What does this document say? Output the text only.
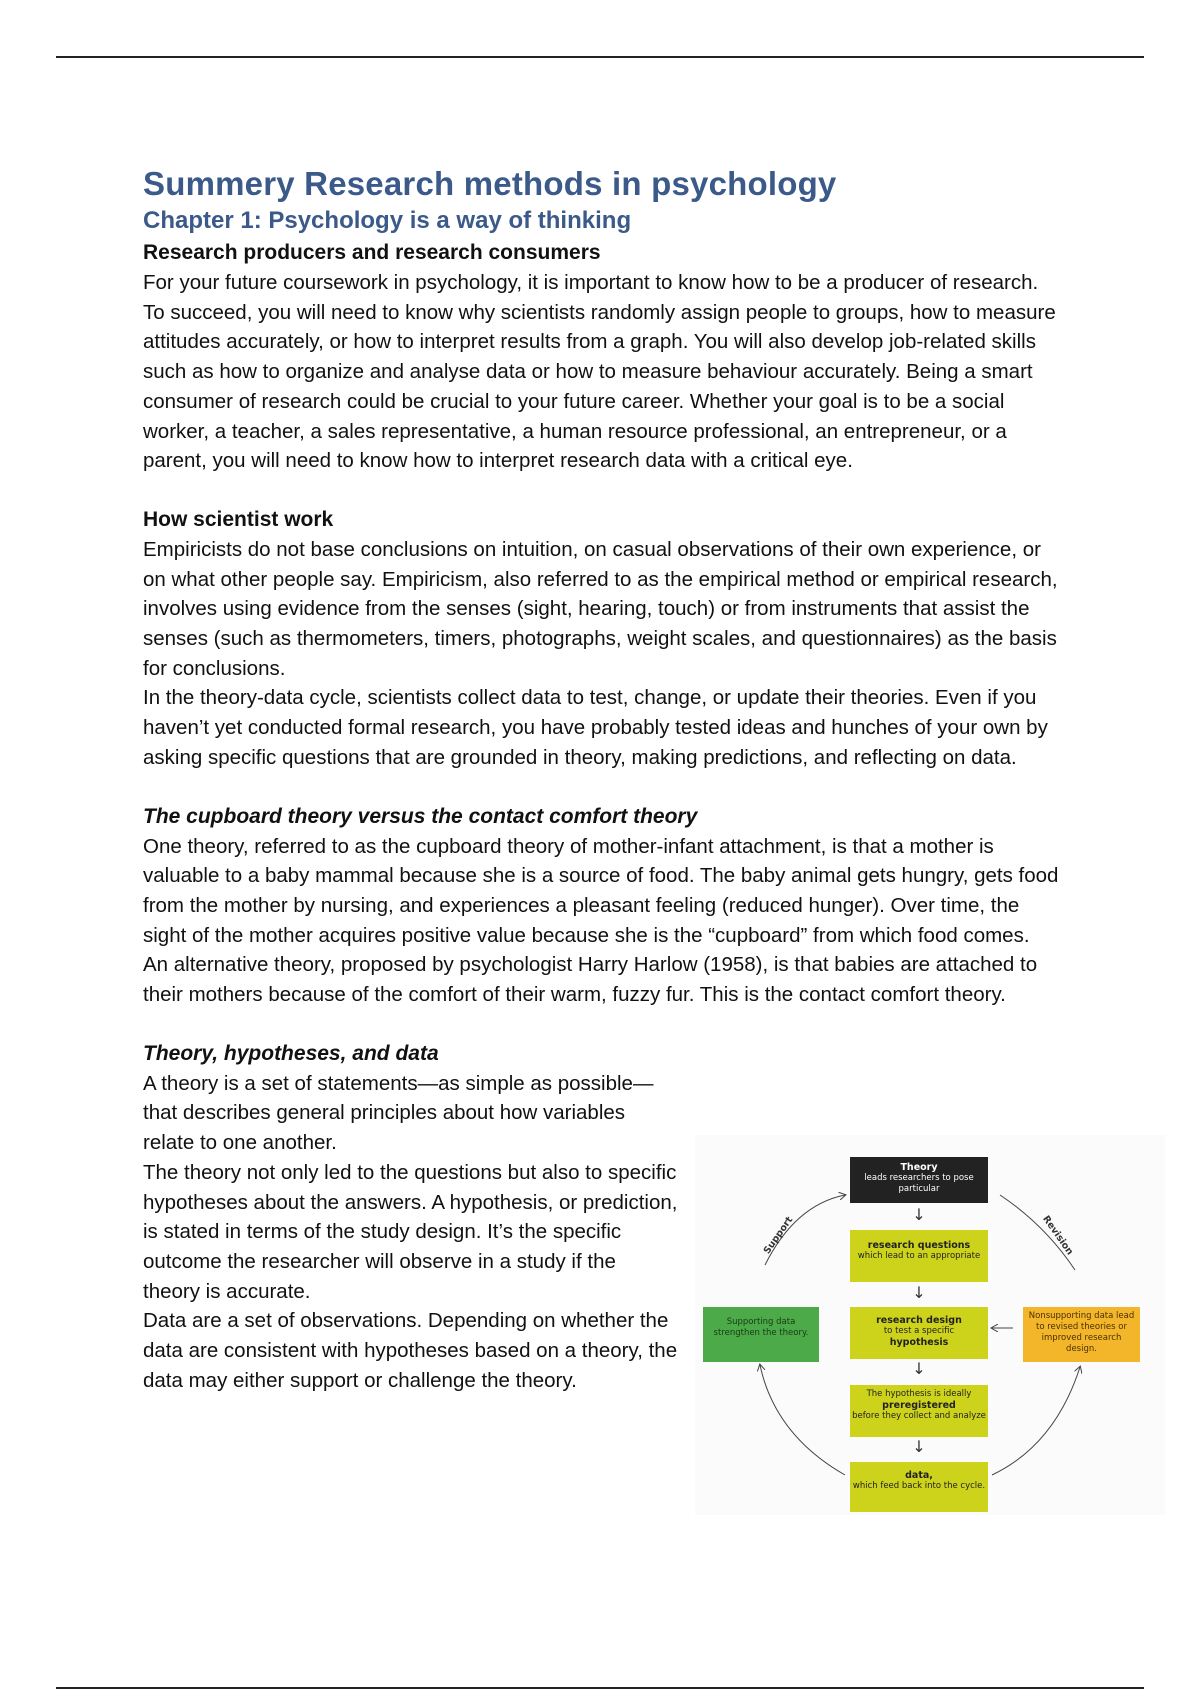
Summery Research methods in psychology
Chapter 1: Psychology is a way of thinking
Research producers and research consumers

For your future coursework in psychology, it is important to know how to be a producer of research. To succeed, you will need to know why scientists randomly assign people to groups, how to measure attitudes accurately, or how to interpret results from a graph. You will also develop job-related skills such as how to organize and analyse data or how to measure behaviour accurately. Being a smart consumer of research could be crucial to your future career. Whether your goal is to be a social worker, a teacher, a sales representative, a human resource professional, an entrepreneur, or a parent, you will need to know how to interpret research data with a critical eye.

How scientist work

Empiricists do not base conclusions on intuition, on casual observations of their own experience, or on what other people say. Empiricism, also referred to as the empirical method or empirical research, involves using evidence from the senses (sight, hearing, touch) or from instruments that assist the senses (such as thermometers, timers, photographs, weight scales, and questionnaires) as the basis for conclusions.

In the theory-data cycle, scientists collect data to test, change, or update their theories. Even if you haven’t yet conducted formal research, you have probably tested ideas and hunches of your own by asking specific questions that are grounded in theory, making predictions, and reflecting on data.

The cupboard theory versus the contact comfort theory

One theory, referred to as the cupboard theory of mother-infant attachment, is that a mother is valuable to a baby mammal because she is a source of food. The baby animal gets hungry, gets food from the mother by nursing, and experiences a pleasant feeling (reduced hunger). Over time, the sight of the mother acquires positive value because she is the “cupboard” from which food comes.

An alternative theory, proposed by psychologist Harry Harlow (1958), is that babies are attached to their mothers because of the comfort of their warm, fuzzy fur. This is the contact comfort theory.

Theory, hypotheses, and data

A theory is a set of statements—as simple as possible—that describes general principles about how variables relate to one another.

The theory not only led to the questions but also to specific hypotheses about the answers. A hypothesis, or prediction, is stated in terms of the study design. It’s the specific outcome the researcher will observe in a study if the theory is accurate.

Data are a set of observations. Depending on whether the data are consistent with hypotheses based on a theory, the data may either support or challenge the theory.

Theory
leads researchers to pose particular
↓
research questions
which lead to an appropriate
↓
research design
to test a specific
hypothesis
↓
The hypothesis is ideally
preregistered
before they collect and analyze
↓
data,
which feed back into the cycle.
Supporting data strengthen the theory.
Nonsupporting data lead to revised theories or improved research design.
Support	Revision
